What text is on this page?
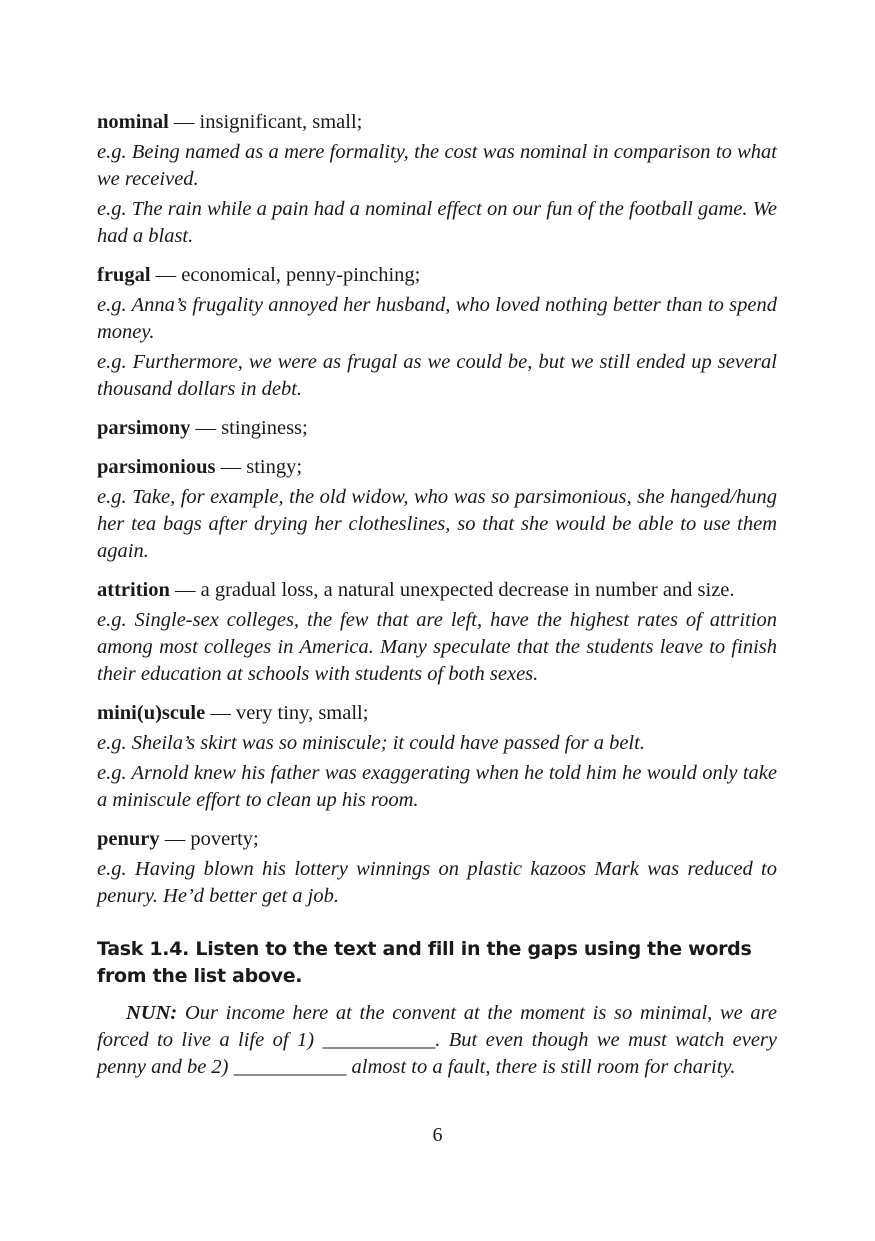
nominal — insignificant, small;

e.g. Being named as a mere formality, the cost was nominal in comparison to what we received.

e.g. The rain while a pain had a nominal effect on our fun of the football game. We had a blast.

frugal — economical, penny-pinching;

e.g. Anna’s frugality annoyed her husband, who loved nothing better than to spend money.

e.g. Furthermore, we were as frugal as we could be, but we still ended up several thousand dollars in debt.

parsimony — stinginess;

parsimonious — stingy;

e.g. Take, for example, the old widow, who was so parsimonious, she hanged/hung her tea bags after drying her clotheslines, so that she would be able to use them again.

attrition — a gradual loss, a natural unexpected decrease in number and size.

e.g. Single-sex colleges, the few that are left, have the highest rates of attrition among most colleges in America. Many speculate that the students leave to finish their education at schools with students of both sexes.

mini(u)scule — very tiny, small;

e.g. Sheila’s skirt was so miniscule; it could have passed for a belt.

e.g. Arnold knew his father was exaggerating when he told him he would only take a miniscule effort to clean up his room.

penury — poverty;

e.g. Having blown his lottery winnings on plastic kazoos Mark was reduced to penury. He’d better get a job.

Task 1.4. Listen to the text and fill in the gaps using the words from the list above.

NUN: Our income here at the convent at the moment is so minimal, we are forced to live a life of 1) ___________. But even though we must watch every penny and be 2) ___________ almost to a fault, there is still room for charity.

6
